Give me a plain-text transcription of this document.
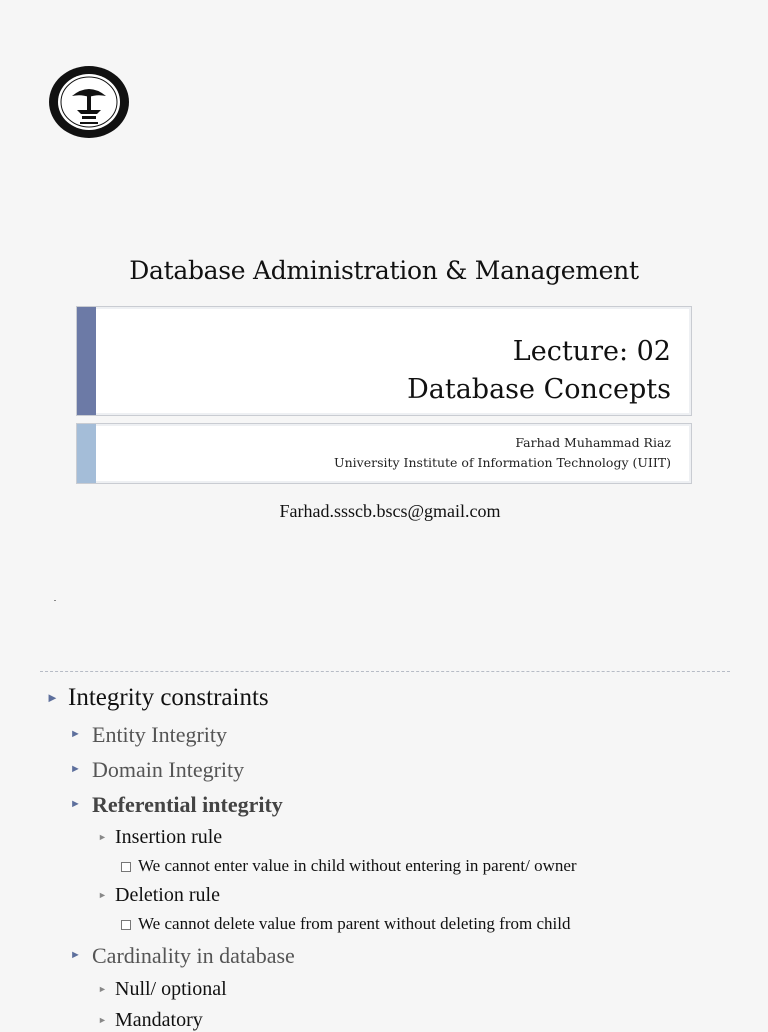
Database Administration & Management
Lecture: 02
Database Concepts
Farhad Muhammad Riaz
University Institute of Information Technology (UIIT)
Farhad.ssscb.bscs@gmail.com
► Integrity constraints
► Entity Integrity
► Domain Integrity
► Referential integrity
► Insertion rule
We cannot enter value in child without entering in parent/ owner
► Deletion rule
We cannot delete value from parent without deleting from child
► Cardinality in database
► Null/ optional
► Mandatory
